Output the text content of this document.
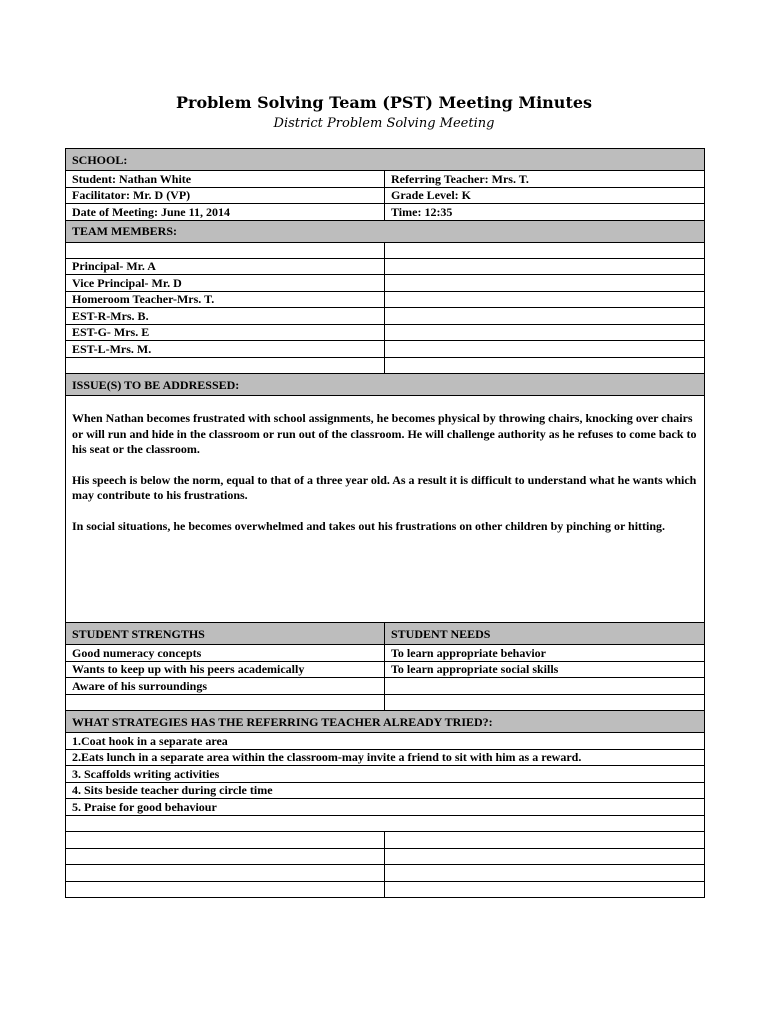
Problem Solving Team (PST) Meeting Minutes
District Problem Solving Meeting
SCHOOL:	
Student: Nathan White	Referring Teacher: Mrs. T.
Facilitator: Mr. D (VP)	Grade Level: K
Date of Meeting: June 11, 2014	Time: 12:35
TEAM MEMBERS:	

Principal- Mr. A	
Vice Principal- Mr. D	
Homeroom Teacher-Mrs. T.	
EST-R-Mrs. B.	
EST-G- Mrs. E	
EST-L-Mrs. M.	

ISSUE(S) TO BE ADDRESSED:	

When Nathan becomes frustrated with school assignments, he becomes physical by throwing chairs, knocking over chairs or will run and hide in the classroom or run out of the classroom. He will challenge authority as he refuses to come back to his seat or the classroom.

His speech is below the norm, equal to that of a three year old. As a result it is difficult to understand what he wants which may contribute to his frustrations.

In social situations, he becomes overwhelmed and takes out his frustrations on other children by pinching or hitting.	

STUDENT STRENGTHS	STUDENT NEEDS
Good numeracy concepts	To learn appropriate behavior
Wants to keep up with his peers academically	To learn appropriate social skills
Aware of his surroundings	

WHAT STRATEGIES HAS THE REFERRING TEACHER ALREADY TRIED?:	
1.Coat hook in a separate area	
2.Eats lunch in a separate area within the classroom-may invite a friend to sit with him as a reward.	
3. Scaffolds writing activities	
4. Sits beside teacher during circle time	
5. Praise for good behaviour	
